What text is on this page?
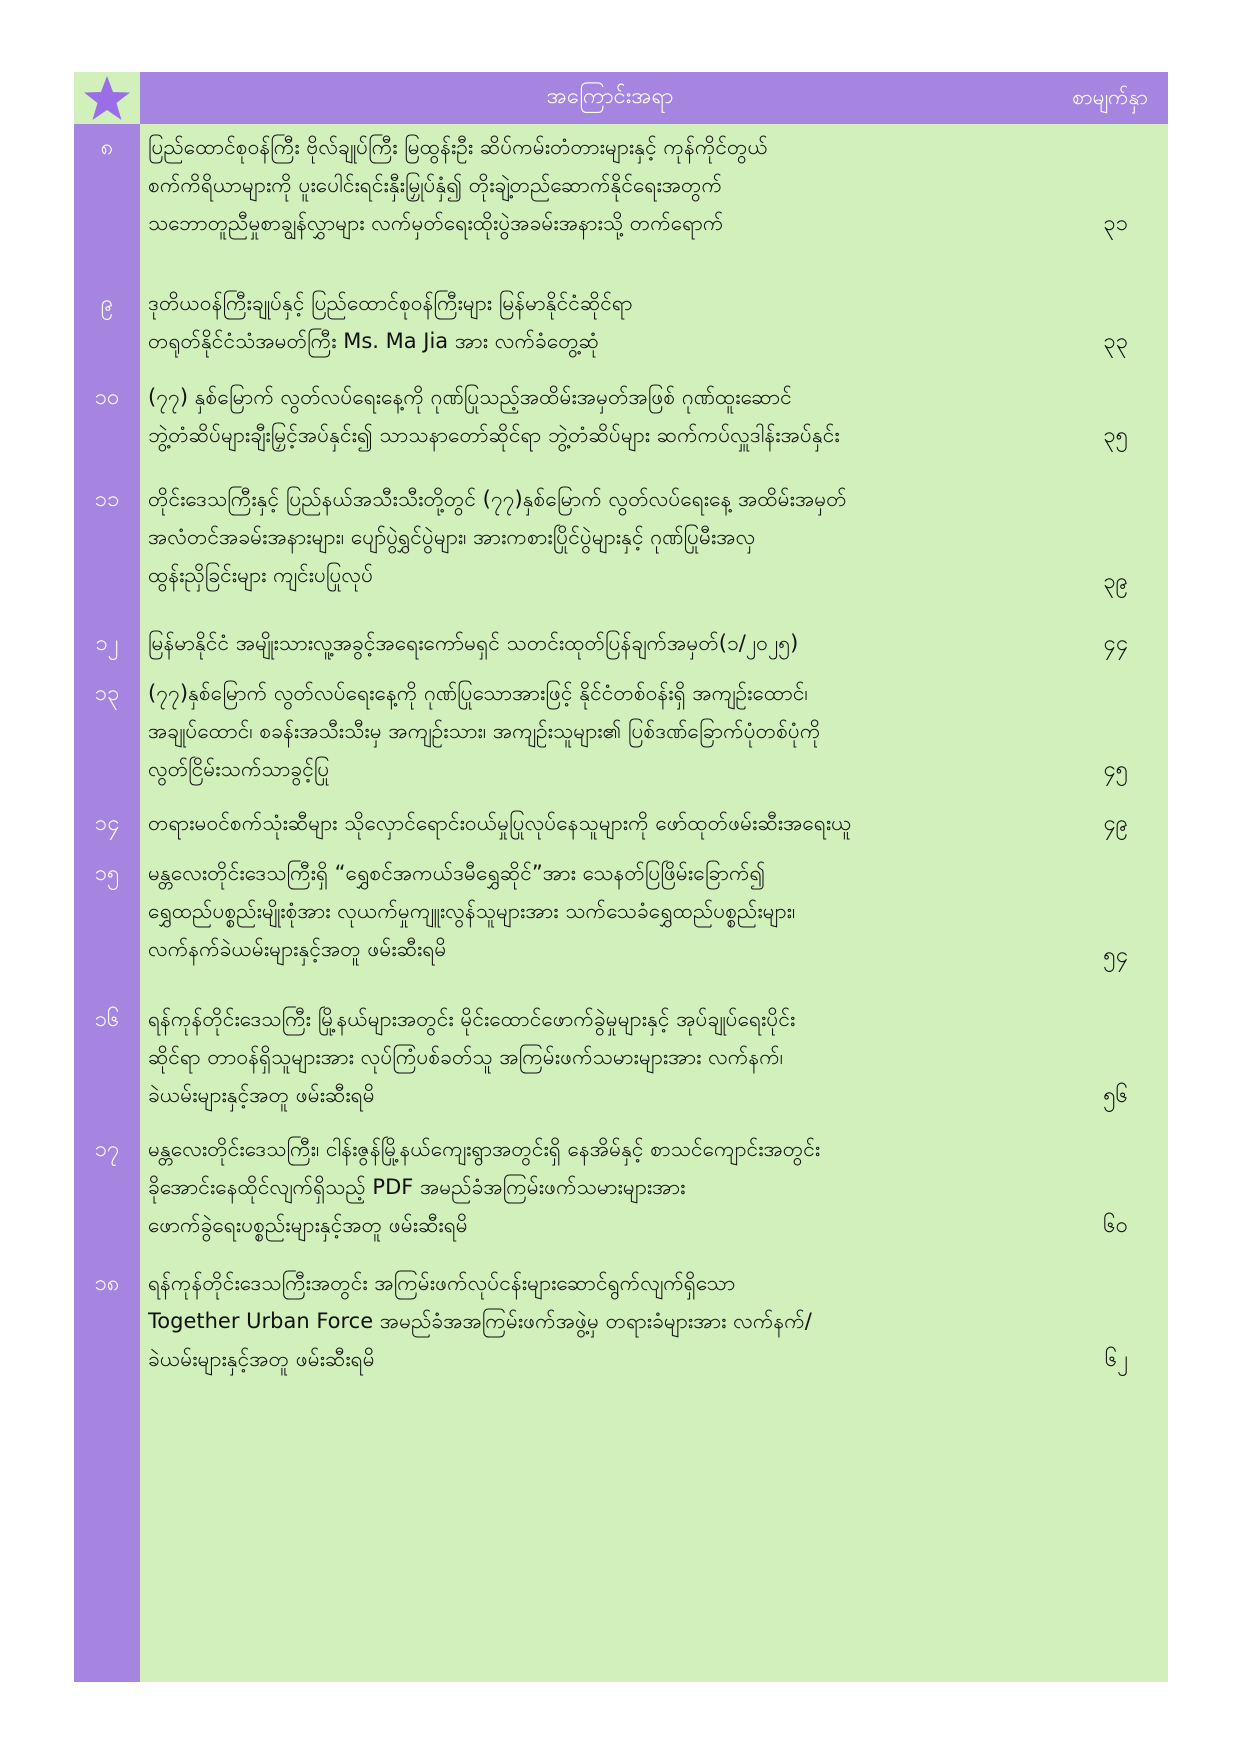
အကြောင်းအရာ	စာမျက်နှာ
၈	ပြည်ထောင်စုဝန်ကြီး ဗိုလ်ချုပ်ကြီး မြထွန်းဦး ဆိပ်ကမ်းတံတားများနှင့် ကုန်ကိုင်တွယ်
စက်ကိရိယာများကို ပူးပေါင်းရင်းနှီးမြှုပ်နှံ၍ တိုးချဲ့တည်ဆောက်နိုင်ရေးအတွက်
သဘောတူညီမှုစာချွန်လွှာများ လက်မှတ်ရေးထိုးပွဲအခမ်းအနားသို့ တက်ရောက်	၃၁
၉	ဒုတိယဝန်ကြီးချုပ်နှင့် ပြည်ထောင်စုဝန်ကြီးများ မြန်မာနိုင်ငံဆိုင်ရာ
တရုတ်နိုင်ငံသံအမတ်ကြီး Ms. Ma Jia အား လက်ခံတွေ့ဆုံ	၃၃
၁၀	(၇၇) နှစ်မြောက် လွတ်လပ်ရေးနေ့ကို ဂုဏ်ပြုသည့်အထိမ်းအမှတ်အဖြစ် ဂုဏ်ထူးဆောင်
ဘွဲ့တံဆိပ်များချီးမြှင့်အပ်နှင်း၍ သာသနာတော်ဆိုင်ရာ ဘွဲ့တံဆိပ်များ ဆက်ကပ်လှူဒါန်းအပ်နှင်း	၃၅
၁၁	တိုင်းဒေသကြီးနှင့် ပြည်နယ်အသီးသီးတို့တွင် (၇၇)နှစ်မြောက် လွတ်လပ်ရေးနေ့ အထိမ်းအမှတ်
အလံတင်အခမ်းအနားများ၊ ပျော်ပွဲရွှင်ပွဲများ၊ အားကစားပြိုင်ပွဲများနှင့် ဂုဏ်ပြုမီးအလှ
ထွန်းညှိခြင်းများ ကျင်းပပြုလုပ်	၃၉
၁၂	မြန်မာနိုင်ငံ အမျိုးသားလူ့အခွင့်အရေးကော်မရှင် သတင်းထုတ်ပြန်ချက်အမှတ်(၁/၂၀၂၅)	၄၄
၁၃	(၇၇)နှစ်မြောက် လွတ်လပ်ရေးနေ့ကို ဂုဏ်ပြုသောအားဖြင့် နိုင်ငံတစ်ဝန်းရှိ အကျဉ်းထောင်၊
အချုပ်ထောင်၊ စခန်းအသီးသီးမှ အကျဉ်းသား၊ အကျဉ်းသူများ၏ ပြစ်ဒဏ်ခြောက်ပုံတစ်ပုံကို
လွတ်ငြိမ်းသက်သာခွင့်ပြု	၄၅
၁၄	တရားမဝင်စက်သုံးဆီများ သိုလှောင်ရောင်းဝယ်မှုပြုလုပ်နေသူများကို ဖော်ထုတ်ဖမ်းဆီးအရေးယူ	၄၉
၁၅	မန္တလေးတိုင်းဒေသကြီးရှိ “ရွှေစင်အကယ်ဒမီရွှေဆိုင်”အား သေနတ်ပြဖြိမ်းခြောက်၍
ရွှေထည်ပစ္စည်းမျိုးစုံအား လုယက်မှုကျူးလွန်သူများအား သက်သေခံရွှေထည်ပစ္စည်းများ၊
လက်နက်ခဲယမ်းများနှင့်အတူ ဖမ်းဆီးရမိ	၅၄
၁၆	ရန်ကုန်တိုင်းဒေသကြီး မြို့နယ်များအတွင်း မိုင်းထောင်ဖောက်ခွဲမှုများနှင့် အုပ်ချုပ်ရေးပိုင်း
ဆိုင်ရာ တာဝန်ရှိသူများအား လုပ်ကြံပစ်ခတ်သူ အကြမ်းဖက်သမားများအား လက်နက်၊
ခဲယမ်းများနှင့်အတူ ဖမ်းဆီးရမိ	၅၆
၁၇	မန္တလေးတိုင်းဒေသကြီး၊ ငါန်းဇွန်မြို့နယ်ကျေးရွာအတွင်းရှိ နေအိမ်နှင့် စာသင်ကျောင်းအတွင်း
ခိုအောင်းနေထိုင်လျက်ရှိသည့် PDF အမည်ခံအကြမ်းဖက်သမားများအား
ဖောက်ခွဲရေးပစ္စည်းများနှင့်အတူ ဖမ်းဆီးရမိ	၆၀
၁၈	ရန်ကုန်တိုင်းဒေသကြီးအတွင်း အကြမ်းဖက်လုပ်ငန်းများဆောင်ရွက်လျက်ရှိသော
Together Urban Force အမည်ခံအအကြမ်းဖက်အဖွဲ့မှ တရားခံများအား လက်နက်/
ခဲယမ်းများနှင့်အတူ ဖမ်းဆီးရမိ	၆၂
